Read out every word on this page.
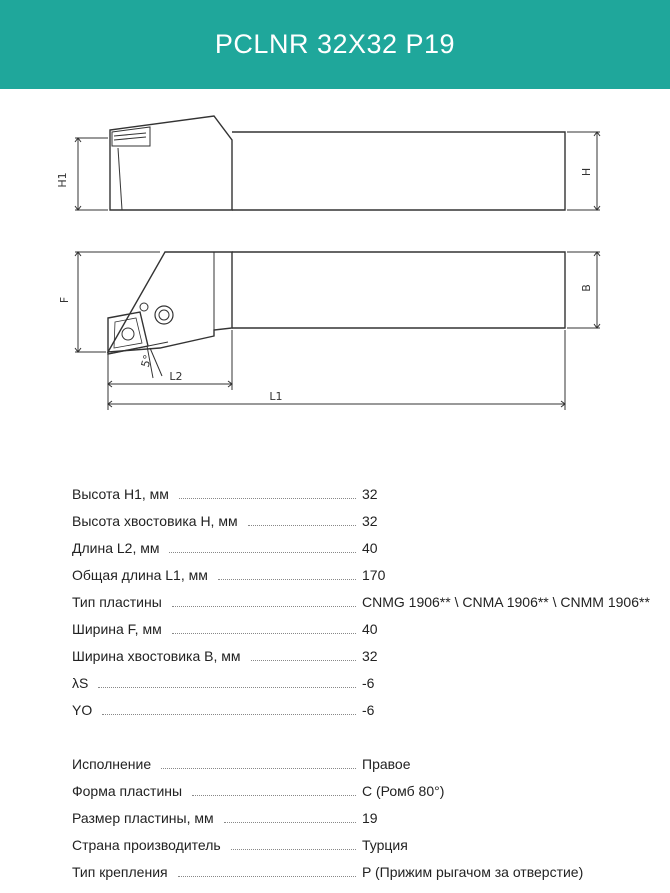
PCLNR 32X32 P19
H1
H
F
B
5°
L2
L1
Высота H1, мм	32
Высота хвостовика H, мм	32
Длина L2, мм	40
Общая длина L1, мм	170
Тип пластины	CNMG 1906** \ CNMA 1906** \ CNMM 1906**
Ширина F, мм	40
Ширина хвостовика B, мм	32
λS	-6
YO	-6
Исполнение	Правое
Форма пластины	C (Ромб 80°)
Размер пластины, мм	19
Страна производитель	Турция
Тип крепления	P (Прижим рыгачом за отверстие)
